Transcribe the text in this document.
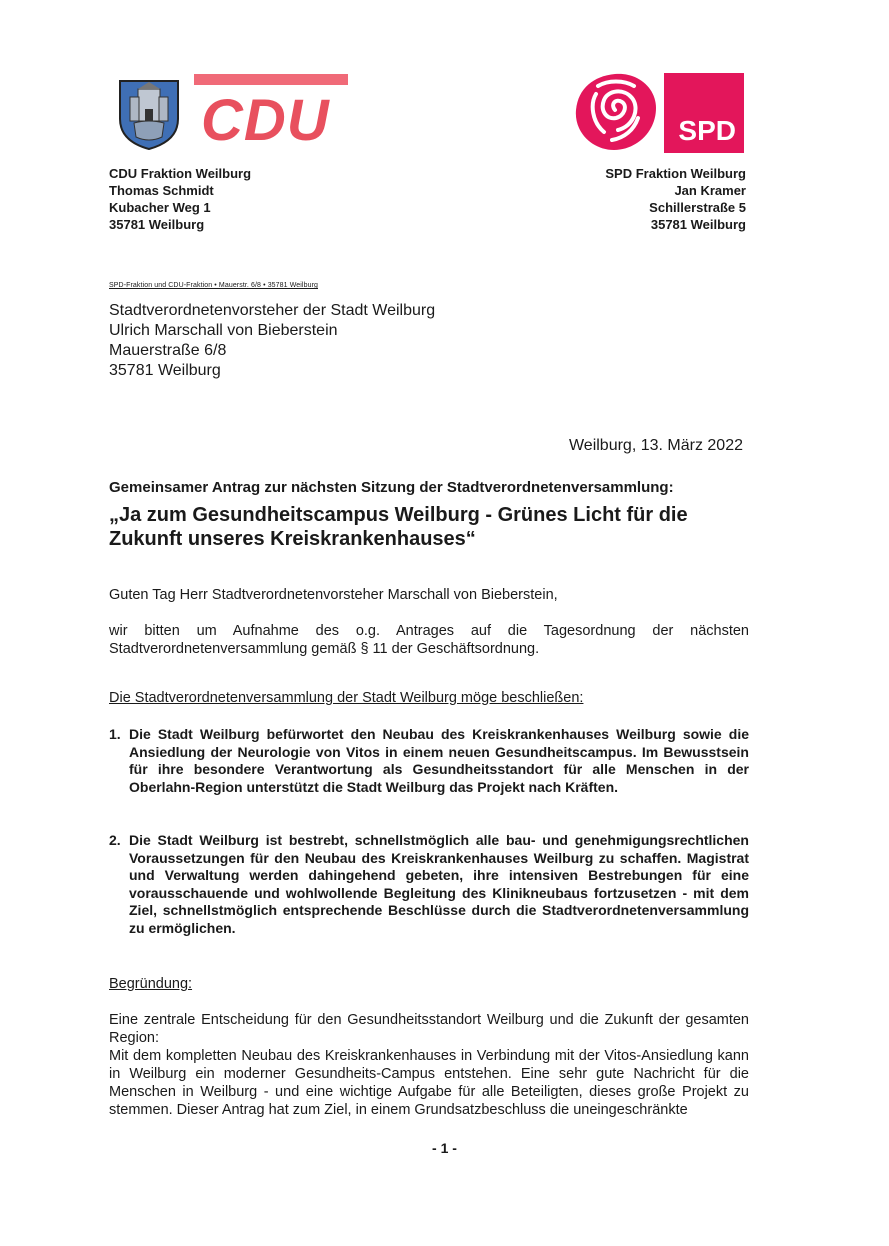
CDU	SPD
CDU Fraktion Weilburg
Thomas Schmidt
Kubacher Weg 1
35781 Weilburg
SPD Fraktion Weilburg
Jan Kramer
Schillerstraße 5
35781 Weilburg
SPD-Fraktion und CDU-Fraktion • Mauerstr. 6/8 • 35781 Weilburg
Stadtverordnetenvorsteher der Stadt Weilburg
Ulrich Marschall von Bieberstein
Mauerstraße 6/8
35781 Weilburg
Weilburg, 13. März 2022
Gemeinsamer Antrag zur nächsten Sitzung der Stadtverordnetenversammlung:
„Ja zum Gesundheitscampus Weilburg - Grünes Licht für die Zukunft unseres Kreiskrankenhauses“
Guten Tag Herr Stadtverordnetenvorsteher Marschall von Bieberstein,
wir bitten um Aufnahme des o.g. Antrages auf die Tagesordnung der nächsten Stadtverordnetenversammlung gemäß § 11 der Geschäftsordnung.
Die Stadtverordnetenversammlung der Stadt Weilburg möge beschließen:
1. Die Stadt Weilburg befürwortet den Neubau des Kreiskrankenhauses Weilburg sowie die Ansiedlung der Neurologie von Vitos in einem neuen Gesundheitscampus. Im Bewusstsein für ihre besondere Verantwortung als Gesundheitsstandort für alle Menschen in der Oberlahn-Region unterstützt die Stadt Weilburg das Projekt nach Kräften.
2. Die Stadt Weilburg ist bestrebt, schnellstmöglich alle bau- und genehmigungsrechtlichen Voraussetzungen für den Neubau des Kreiskrankenhauses Weilburg zu schaffen. Magistrat und Verwaltung werden dahingehend gebeten, ihre intensiven Bestrebungen für eine vorausschauende und wohlwollende Begleitung des Klinikneubaus fortzusetzen - mit dem Ziel, schnellstmöglich entsprechende Beschlüsse durch die Stadtverordnetenversammlung zu ermöglichen.
Begründung:
Eine zentrale Entscheidung für den Gesundheitsstandort Weilburg und die Zukunft der gesamten Region:
Mit dem kompletten Neubau des Kreiskrankenhauses in Verbindung mit der Vitos-Ansiedlung kann in Weilburg ein moderner Gesundheits-Campus entstehen. Eine sehr gute Nachricht für die Menschen in Weilburg - und eine wichtige Aufgabe für alle Beteiligten, dieses große Projekt zu stemmen. Dieser Antrag hat zum Ziel, in einem Grundsatzbeschluss die uneingeschränkte
- 1 -
